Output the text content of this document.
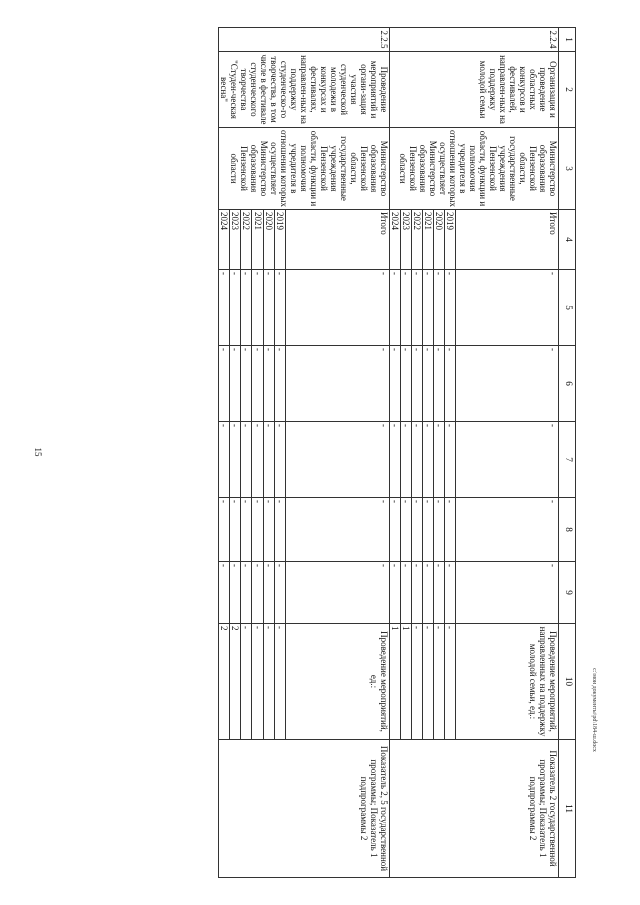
15
c:\мои документы\pd\184-ш.docx
1	2	3	4	5	6	7	8	9	10	11
2.2.4	Организация и проведение областных конкурсов и фестивалей, направлен-ных на поддержку молодой семьи	Министерство образования Пензенской области, государственные учреждения Пензенской области, функции и полномочия учредителя в отношении которых осуществляет Министерство образования Пензенской области	Итого	-	-	-	-	-	Проведение мероприятий, направленных на поддержку молодой семьи, ед.:	Показатель 2 государственной программы; Показатель 1 подпрограммы 2
			2019	-	-	-	-	-	-	
			2020	-	-	-	-	-	-	
			2021	-	-	-	-	-	-	
			2022	-	-	-	-	-	-	
			2023	-	-	-	-	-	1	
			2024	-	-	-	-	-	1	
2.2.5	Проведение мероприятий и органи-зация участия студенческой молодежи в конкурсах и фестивалях, направлен-ных на поддержку студенческо-го творчества, в том числе в фестивале студенческого творчества "Студен-ческая весна"	Министерство образования Пензенской области, государственные учреждения Пензенской области, функции и полномочия учредителя в отношении которых осуществляет Министерство образования Пензенской области	Итого	-	-	-	-	-	Проведение мероприятий, ед.:	Показатель 2, 5 государственной программы; Показатель 1 подпрограммы 2
			2019	-	-	-	-	-	-	
			2020	-	-	-	-	-	-	
			2021	-	-	-	-	-	-	
			2022	-	-	-	-	-	-	
			2023	-	-	-	-	-	2	
			2024	-	-	-	-	-	2	
